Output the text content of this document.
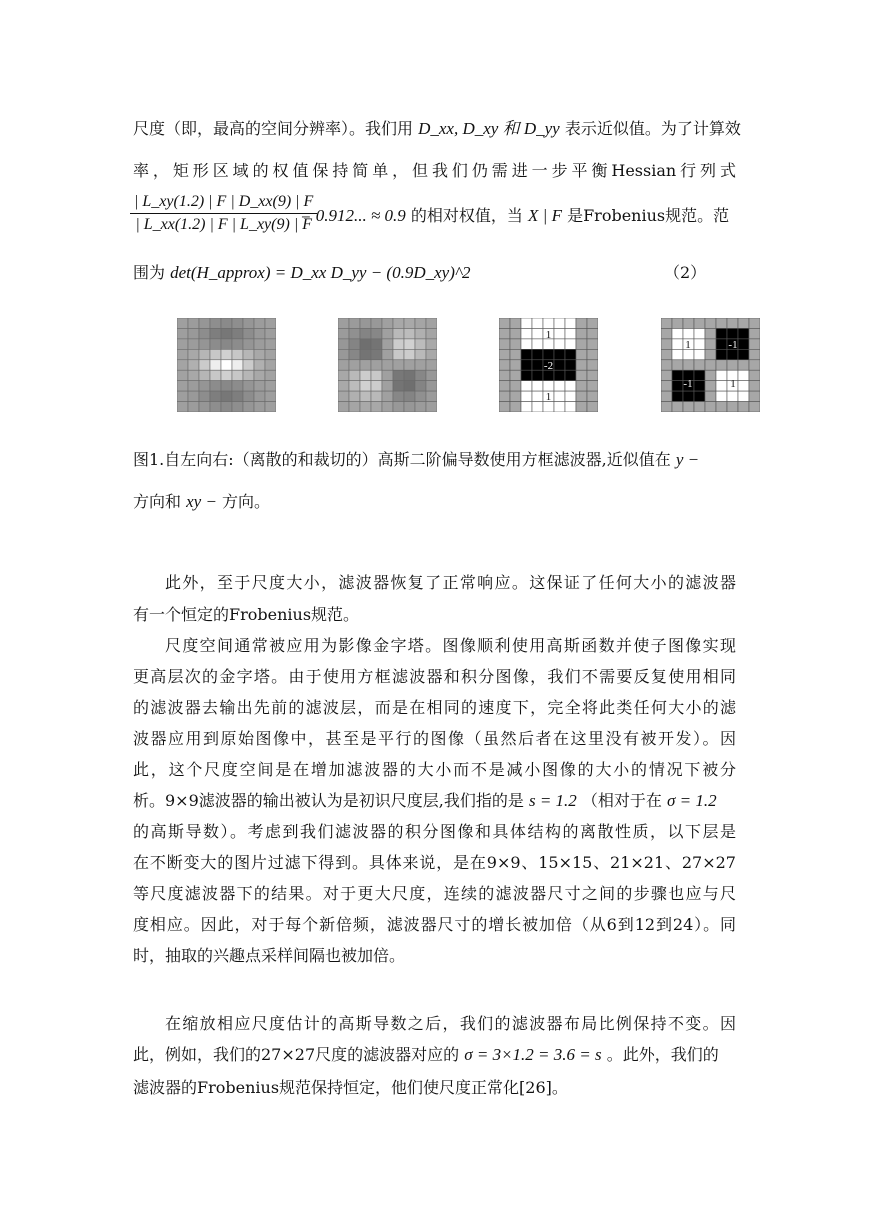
尺度（即，最高的空间分辨率）。我们用 D_xx, D_xy 和 D_yy 表示近似值。为了计算效
率，矩形区域的权值保持简单，但我们仍需进一步平衡Hessian行列式
| L_xy(1.2) | F | D_xx(9) | F
| L_xx(1.2) | F | L_xy(9) | F
= 0.912... ≈ 0.9 的相对权值，当 X | F 是Frobenius规范。范
围为 det(H_approx) = D_xx D_yy − (0.9D_xy)^2	（2）
1
-2
1
1	-1
-1	1
图1.自左向右:（离散的和裁切的）高斯二阶偏导数使用方框滤波器,近似值在 y −
方向和 xy − 方向。
此外，至于尺度大小，滤波器恢复了正常响应。这保证了任何大小的滤波器
有一个恒定的Frobenius规范。
尺度空间通常被应用为影像金字塔。图像顺利使用高斯函数并使子图像实现
更高层次的金字塔。由于使用方框滤波器和积分图像，我们不需要反复使用相同
的滤波器去输出先前的滤波层，而是在相同的速度下，完全将此类任何大小的滤
波器应用到原始图像中，甚至是平行的图像（虽然后者在这里没有被开发）。因
此，这个尺度空间是在增加滤波器的大小而不是减小图像的大小的情况下被分
析。9×9滤波器的输出被认为是初识尺度层,我们指的是 s = 1.2 （相对于在 σ = 1.2
的高斯导数）。考虑到我们滤波器的积分图像和具体结构的离散性质，以下层是
在不断变大的图片过滤下得到。具体来说，是在9×9、15×15、21×21、27×27
等尺度滤波器下的结果。对于更大尺度，连续的滤波器尺寸之间的步骤也应与尺
度相应。因此，对于每个新倍频，滤波器尺寸的增长被加倍（从6到12到24）。同
时，抽取的兴趣点采样间隔也被加倍。
在缩放相应尺度估计的高斯导数之后，我们的滤波器布局比例保持不变。因
此，例如，我们的27×27尺度的滤波器对应的 σ = 3×1.2 = 3.6 = s 。此外，我们的
滤波器的Frobenius规范保持恒定，他们使尺度正常化[26]。
